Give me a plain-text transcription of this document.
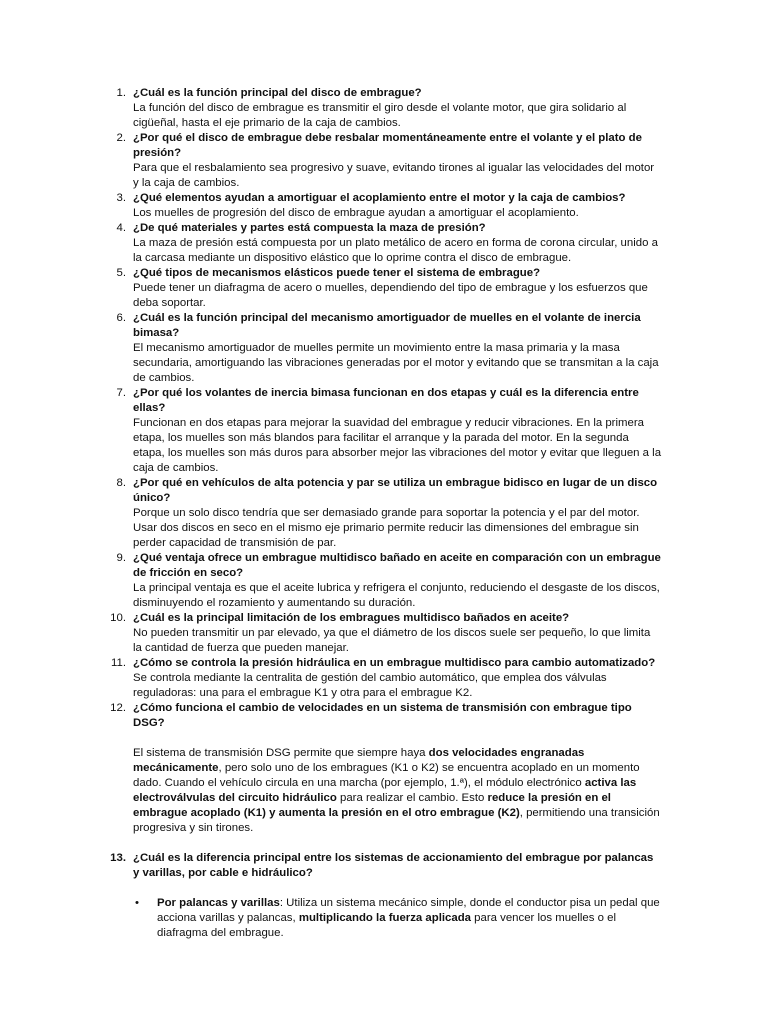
1. ¿Cuál es la función principal del disco de embrague?
La función del disco de embrague es transmitir el giro desde el volante motor, que gira solidario al cigüeñal, hasta el eje primario de la caja de cambios.
2. ¿Por qué el disco de embrague debe resbalar momentáneamente entre el volante y el plato de presión?
Para que el resbalamiento sea progresivo y suave, evitando tirones al igualar las velocidades del motor y la caja de cambios.
3. ¿Qué elementos ayudan a amortiguar el acoplamiento entre el motor y la caja de cambios?
Los muelles de progresión del disco de embrague ayudan a amortiguar el acoplamiento.
4. ¿De qué materiales y partes está compuesta la maza de presión?
La maza de presión está compuesta por un plato metálico de acero en forma de corona circular, unido a la carcasa mediante un dispositivo elástico que lo oprime contra el disco de embrague.
5. ¿Qué tipos de mecanismos elásticos puede tener el sistema de embrague?
Puede tener un diafragma de acero o muelles, dependiendo del tipo de embrague y los esfuerzos que deba soportar.
6. ¿Cuál es la función principal del mecanismo amortiguador de muelles en el volante de inercia bimasa?
El mecanismo amortiguador de muelles permite un movimiento entre la masa primaria y la masa secundaria, amortiguando las vibraciones generadas por el motor y evitando que se transmitan a la caja de cambios.
7. ¿Por qué los volantes de inercia bimasa funcionan en dos etapas y cuál es la diferencia entre ellas?
Funcionan en dos etapas para mejorar la suavidad del embrague y reducir vibraciones. En la primera etapa, los muelles son más blandos para facilitar el arranque y la parada del motor. En la segunda etapa, los muelles son más duros para absorber mejor las vibraciones del motor y evitar que lleguen a la caja de cambios.
8. ¿Por qué en vehículos de alta potencia y par se utiliza un embrague bidisco en lugar de un disco único?
Porque un solo disco tendría que ser demasiado grande para soportar la potencia y el par del motor. Usar dos discos en seco en el mismo eje primario permite reducir las dimensiones del embrague sin perder capacidad de transmisión de par.
9. ¿Qué ventaja ofrece un embrague multidisco bañado en aceite en comparación con un embrague de fricción en seco?
La principal ventaja es que el aceite lubrica y refrigera el conjunto, reduciendo el desgaste de los discos, disminuyendo el rozamiento y aumentando su duración.
10. ¿Cuál es la principal limitación de los embragues multidisco bañados en aceite?
No pueden transmitir un par elevado, ya que el diámetro de los discos suele ser pequeño, lo que limita la cantidad de fuerza que pueden manejar.
11. ¿Cómo se controla la presión hidráulica en un embrague multidisco para cambio automatizado?
Se controla mediante la centralita de gestión del cambio automático, que emplea dos válvulas reguladoras: una para el embrague K1 y otra para el embrague K2.
12. ¿Cómo funciona el cambio de velocidades en un sistema de transmisión con embrague tipo DSG?
El sistema de transmisión DSG permite que siempre haya dos velocidades engranadas mecánicamente, pero solo uno de los embragues (K1 o K2) se encuentra acoplado en un momento dado. Cuando el vehículo circula en una marcha (por ejemplo, 1.ª), el módulo electrónico activa las electroválvulas del circuito hidráulico para realizar el cambio. Esto reduce la presión en el embrague acoplado (K1) y aumenta la presión en el otro embrague (K2), permitiendo una transición progresiva y sin tirones.
13. ¿Cuál es la diferencia principal entre los sistemas de accionamiento del embrague por palancas y varillas, por cable e hidráulico?
• Por palancas y varillas: Utiliza un sistema mecánico simple, donde el conductor pisa un pedal que acciona varillas y palancas, multiplicando la fuerza aplicada para vencer los muelles o el diafragma del embrague.
